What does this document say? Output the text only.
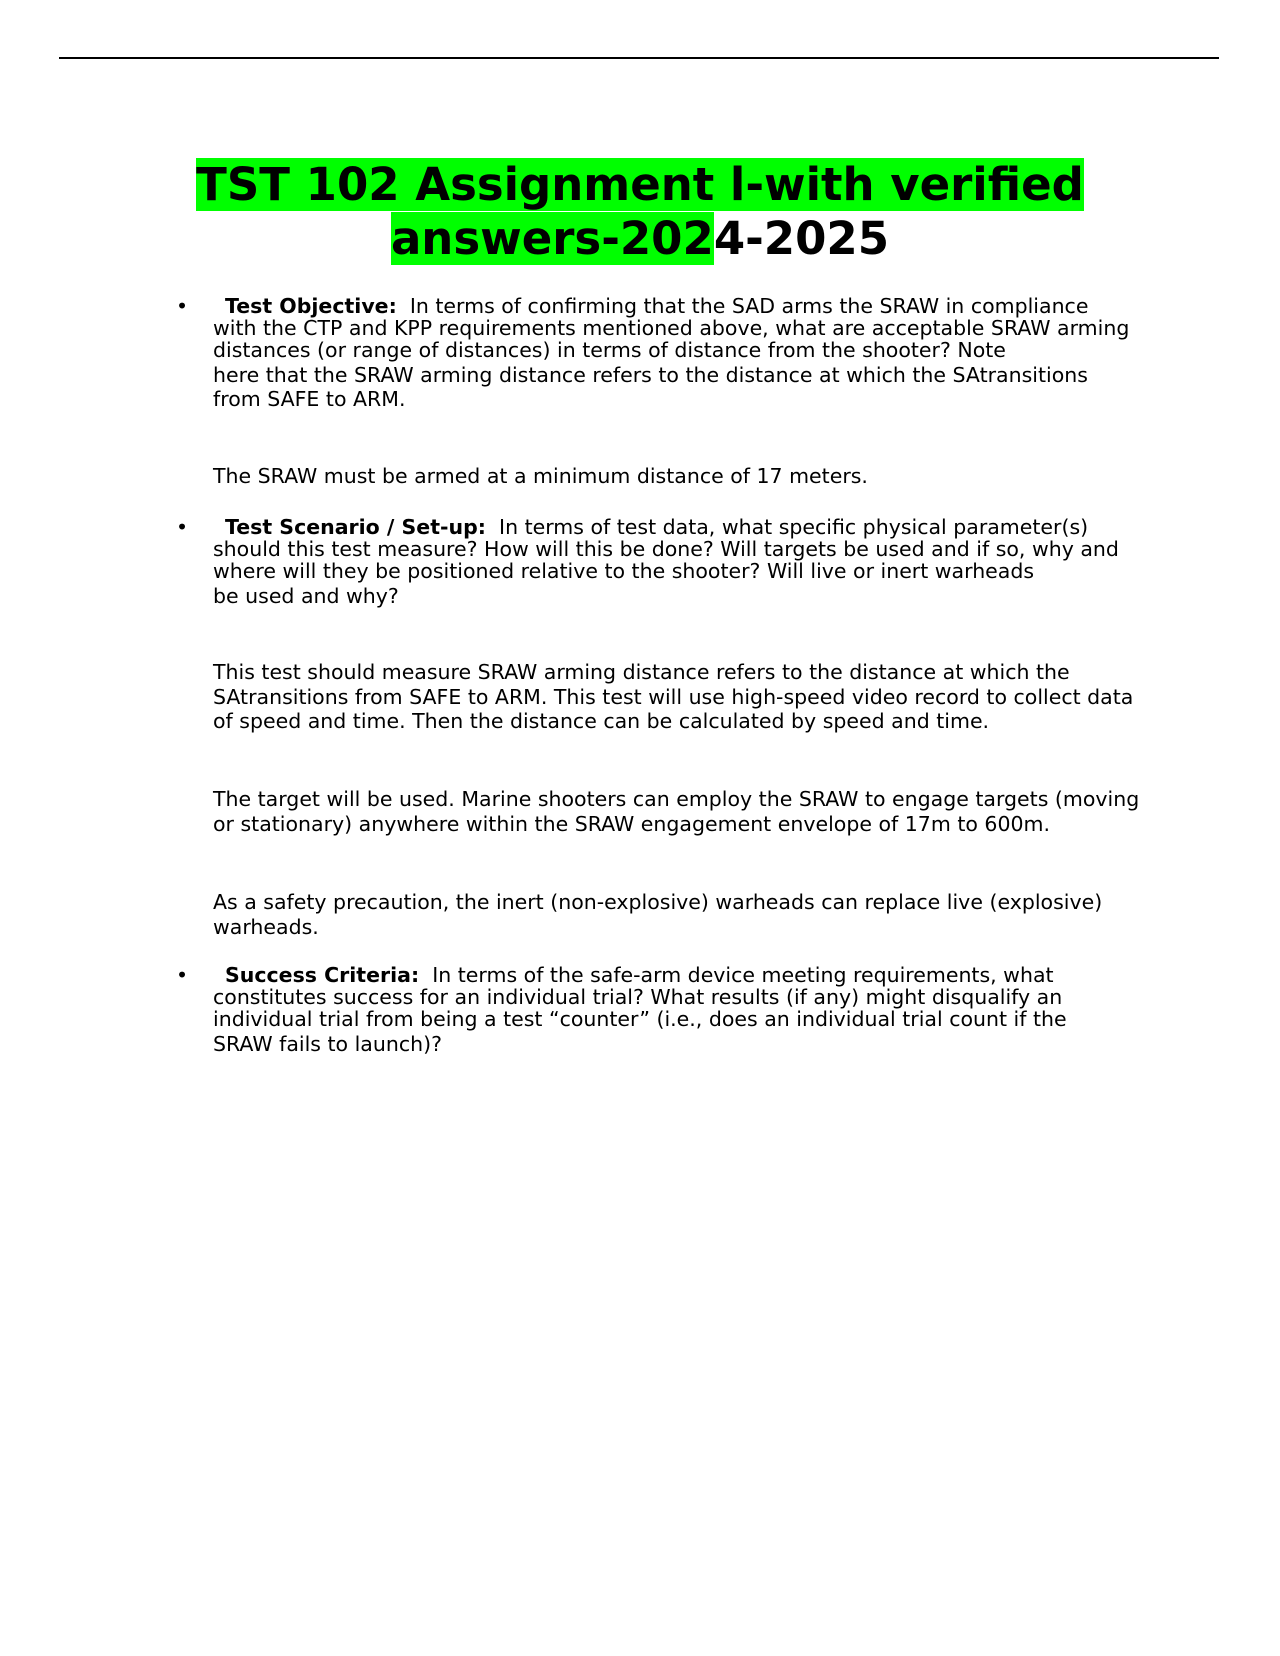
TST 102 Assignment l-with verified
answers-2024-2025
•	Test Objective: In terms of confirming that the SAD arms the SRAW in compliance with the CTP and KPP requirements mentioned above, what are acceptable SRAW arming distances (or range of distances) in terms of distance from the shooter? Note
here that the SRAW arming distance refers to the distance at which the SAtransitions from SAFE to ARM.

The SRAW must be armed at a minimum distance of 17 meters.

•	Test Scenario / Set-up: In terms of test data, what specific physical parameter(s) should this test measure? How will this be done? Will targets be used and if so, why and where will they be positioned relative to the shooter? Will live or inert warheads
be used and why?

This test should measure SRAW arming distance refers to the distance at which the SAtransitions from SAFE to ARM. This test will use high-speed video record to collect data of speed and time. Then the distance can be calculated by speed and time.

The target will be used. Marine shooters can employ the SRAW to engage targets (moving or stationary) anywhere within the SRAW engagement envelope of 17m to 600m.

As a safety precaution, the inert (non-explosive) warheads can replace live (explosive) warheads.

•	Success Criteria: In terms of the safe-arm device meeting requirements, what constitutes success for an individual trial? What results (if any) might disqualify an individual trial from being a test “counter” (i.e., does an individual trial count if the
SRAW fails to launch)?
